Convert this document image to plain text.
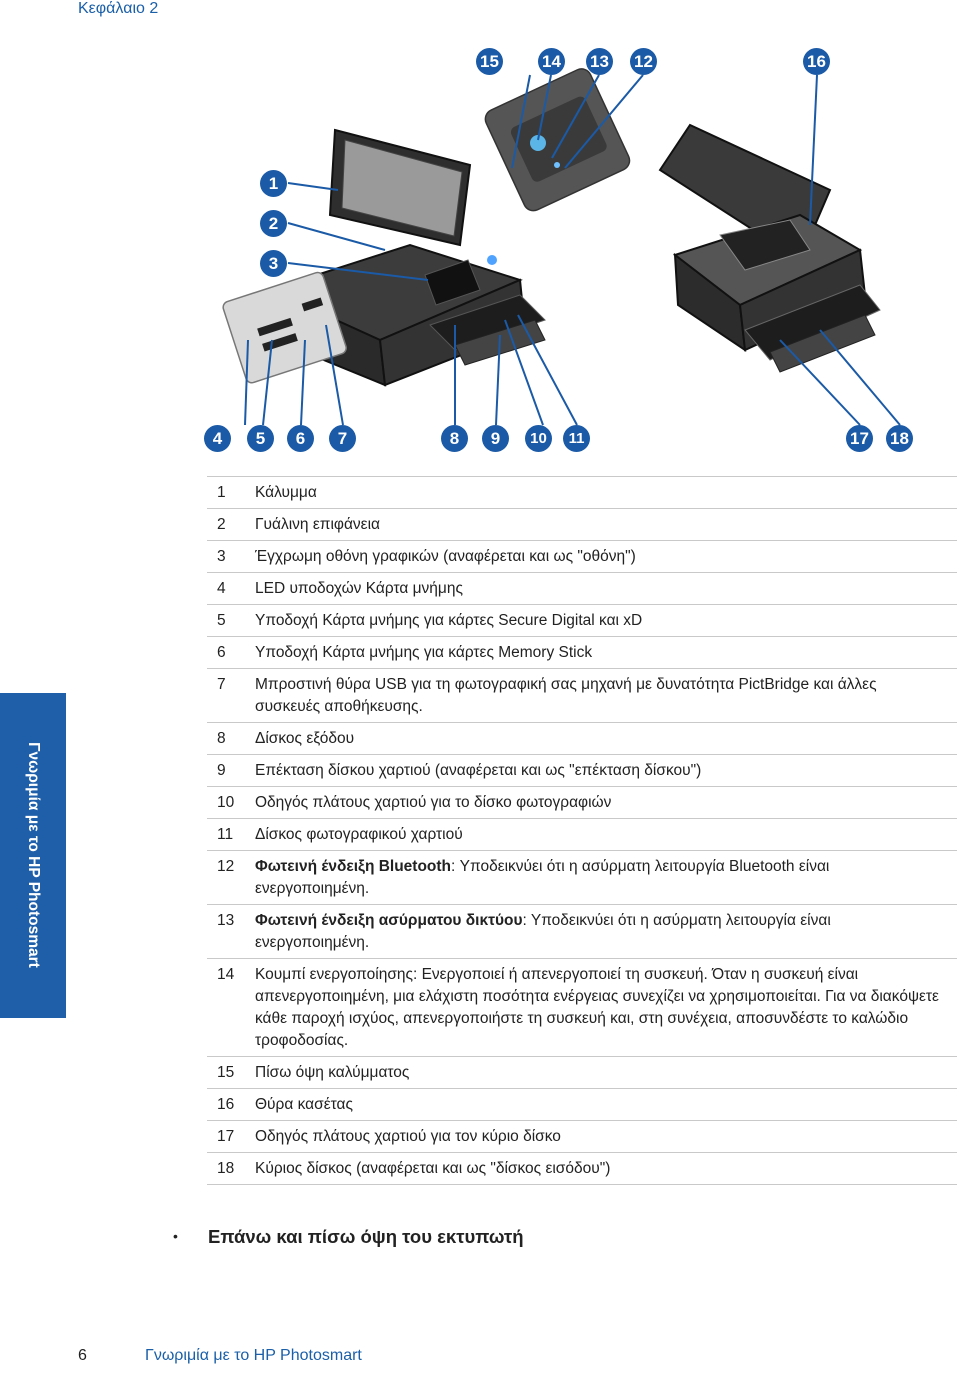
Κεφάλαιο 2
Γνωριμία με το HP Photosmart
15	14 13 12	16
1
2
3
4	5	6	7	8	9	10	11	17 18
1	Κάλυμμα
2	Γυάλινη επιφάνεια
3	Έγχρωμη οθόνη γραφικών (αναφέρεται και ως "οθόνη")
4	LED υποδοχών Κάρτα μνήμης
5	Υποδοχή Κάρτα μνήμης για κάρτες Secure Digital και xD
6	Υποδοχή Κάρτα μνήμης για κάρτες Memory Stick
7	Μπροστινή θύρα USB για τη φωτογραφική σας μηχανή με δυνατότητα PictBridge και άλλες συσκευές αποθήκευσης.
8	Δίσκος εξόδου
9	Επέκταση δίσκου χαρτιού (αναφέρεται και ως "επέκταση δίσκου")
10	Οδηγός πλάτους χαρτιού για το δίσκο φωτογραφιών
11	Δίσκος φωτογραφικού χαρτιού
12	Φωτεινή ένδειξη Bluetooth: Υποδεικνύει ότι η ασύρματη λειτουργία Bluetooth είναι ενεργοποιημένη.
13	Φωτεινή ένδειξη ασύρματου δικτύου: Υποδεικνύει ότι η ασύρματη λειτουργία είναι ενεργοποιημένη.
14	Κουμπί ενεργοποίησης: Ενεργοποιεί ή απενεργοποιεί τη συσκευή. Όταν η συσκευή είναι απενεργοποιημένη, μια ελάχιστη ποσότητα ενέργειας συνεχίζει να χρησιμοποιείται. Για να διακόψετε κάθε παροχή ισχύος, απενεργοποιήστε τη συσκευή και, στη συνέχεια, αποσυνδέστε το καλώδιο τροφοδοσίας.
15	Πίσω όψη καλύμματος
16	Θύρα κασέτας
17	Οδηγός πλάτους χαρτιού για τον κύριο δίσκο
18	Κύριος δίσκος (αναφέρεται και ως "δίσκος εισόδου")
• Επάνω και πίσω όψη του εκτυπωτή
6	Γνωριμία με το HP Photosmart
